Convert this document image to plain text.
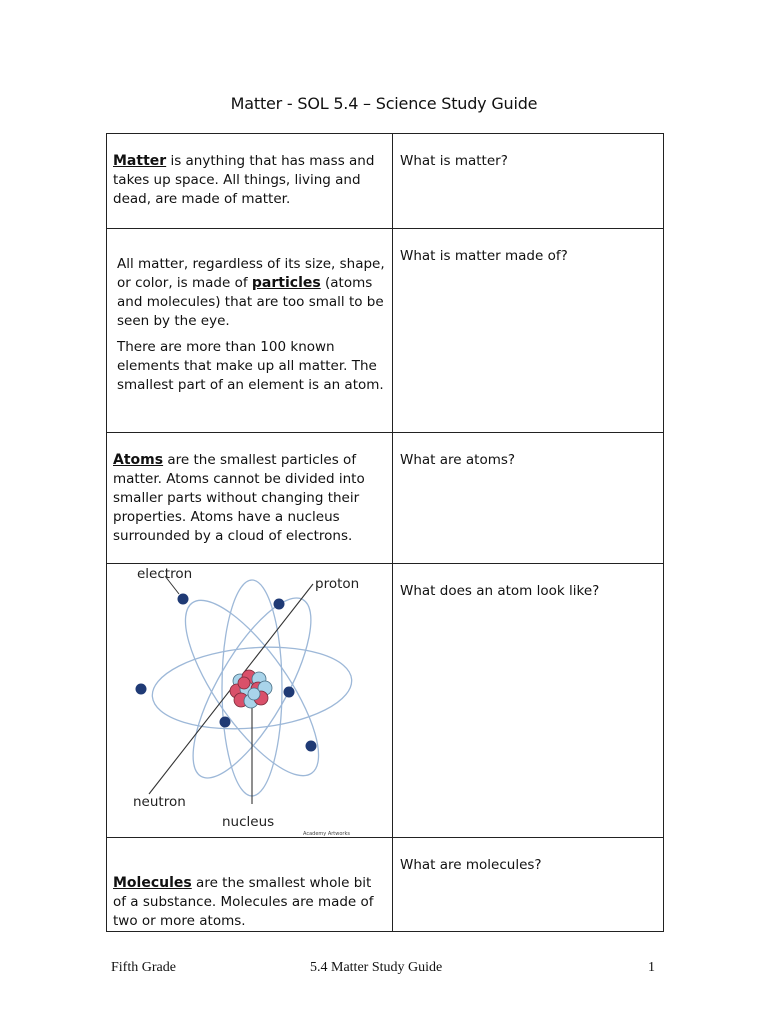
Matter - SOL 5.4 – Science Study Guide
Matter is anything that has mass and takes up space. All things, living and dead, are made of matter.	What is matter?

All matter, regardless of its size, shape, or color, is made of particles (atoms and molecules) that are too small to be seen by the eye.

There are more than 100 known elements that make up all matter. The smallest part of an element is an atom.	What is matter made of?

Atoms are the smallest particles of matter. Atoms cannot be divided into smaller parts without changing their properties. Atoms have a nucleus surrounded by a cloud of electrons.	What are atoms?

electron
proton
neutron
nucleus
Academy Artworks	What does an atom look like?

Molecules are the smallest whole bit of a substance. Molecules are made of two or more atoms.	What are molecules?
Fifth Grade	5.4 Matter Study Guide	1
